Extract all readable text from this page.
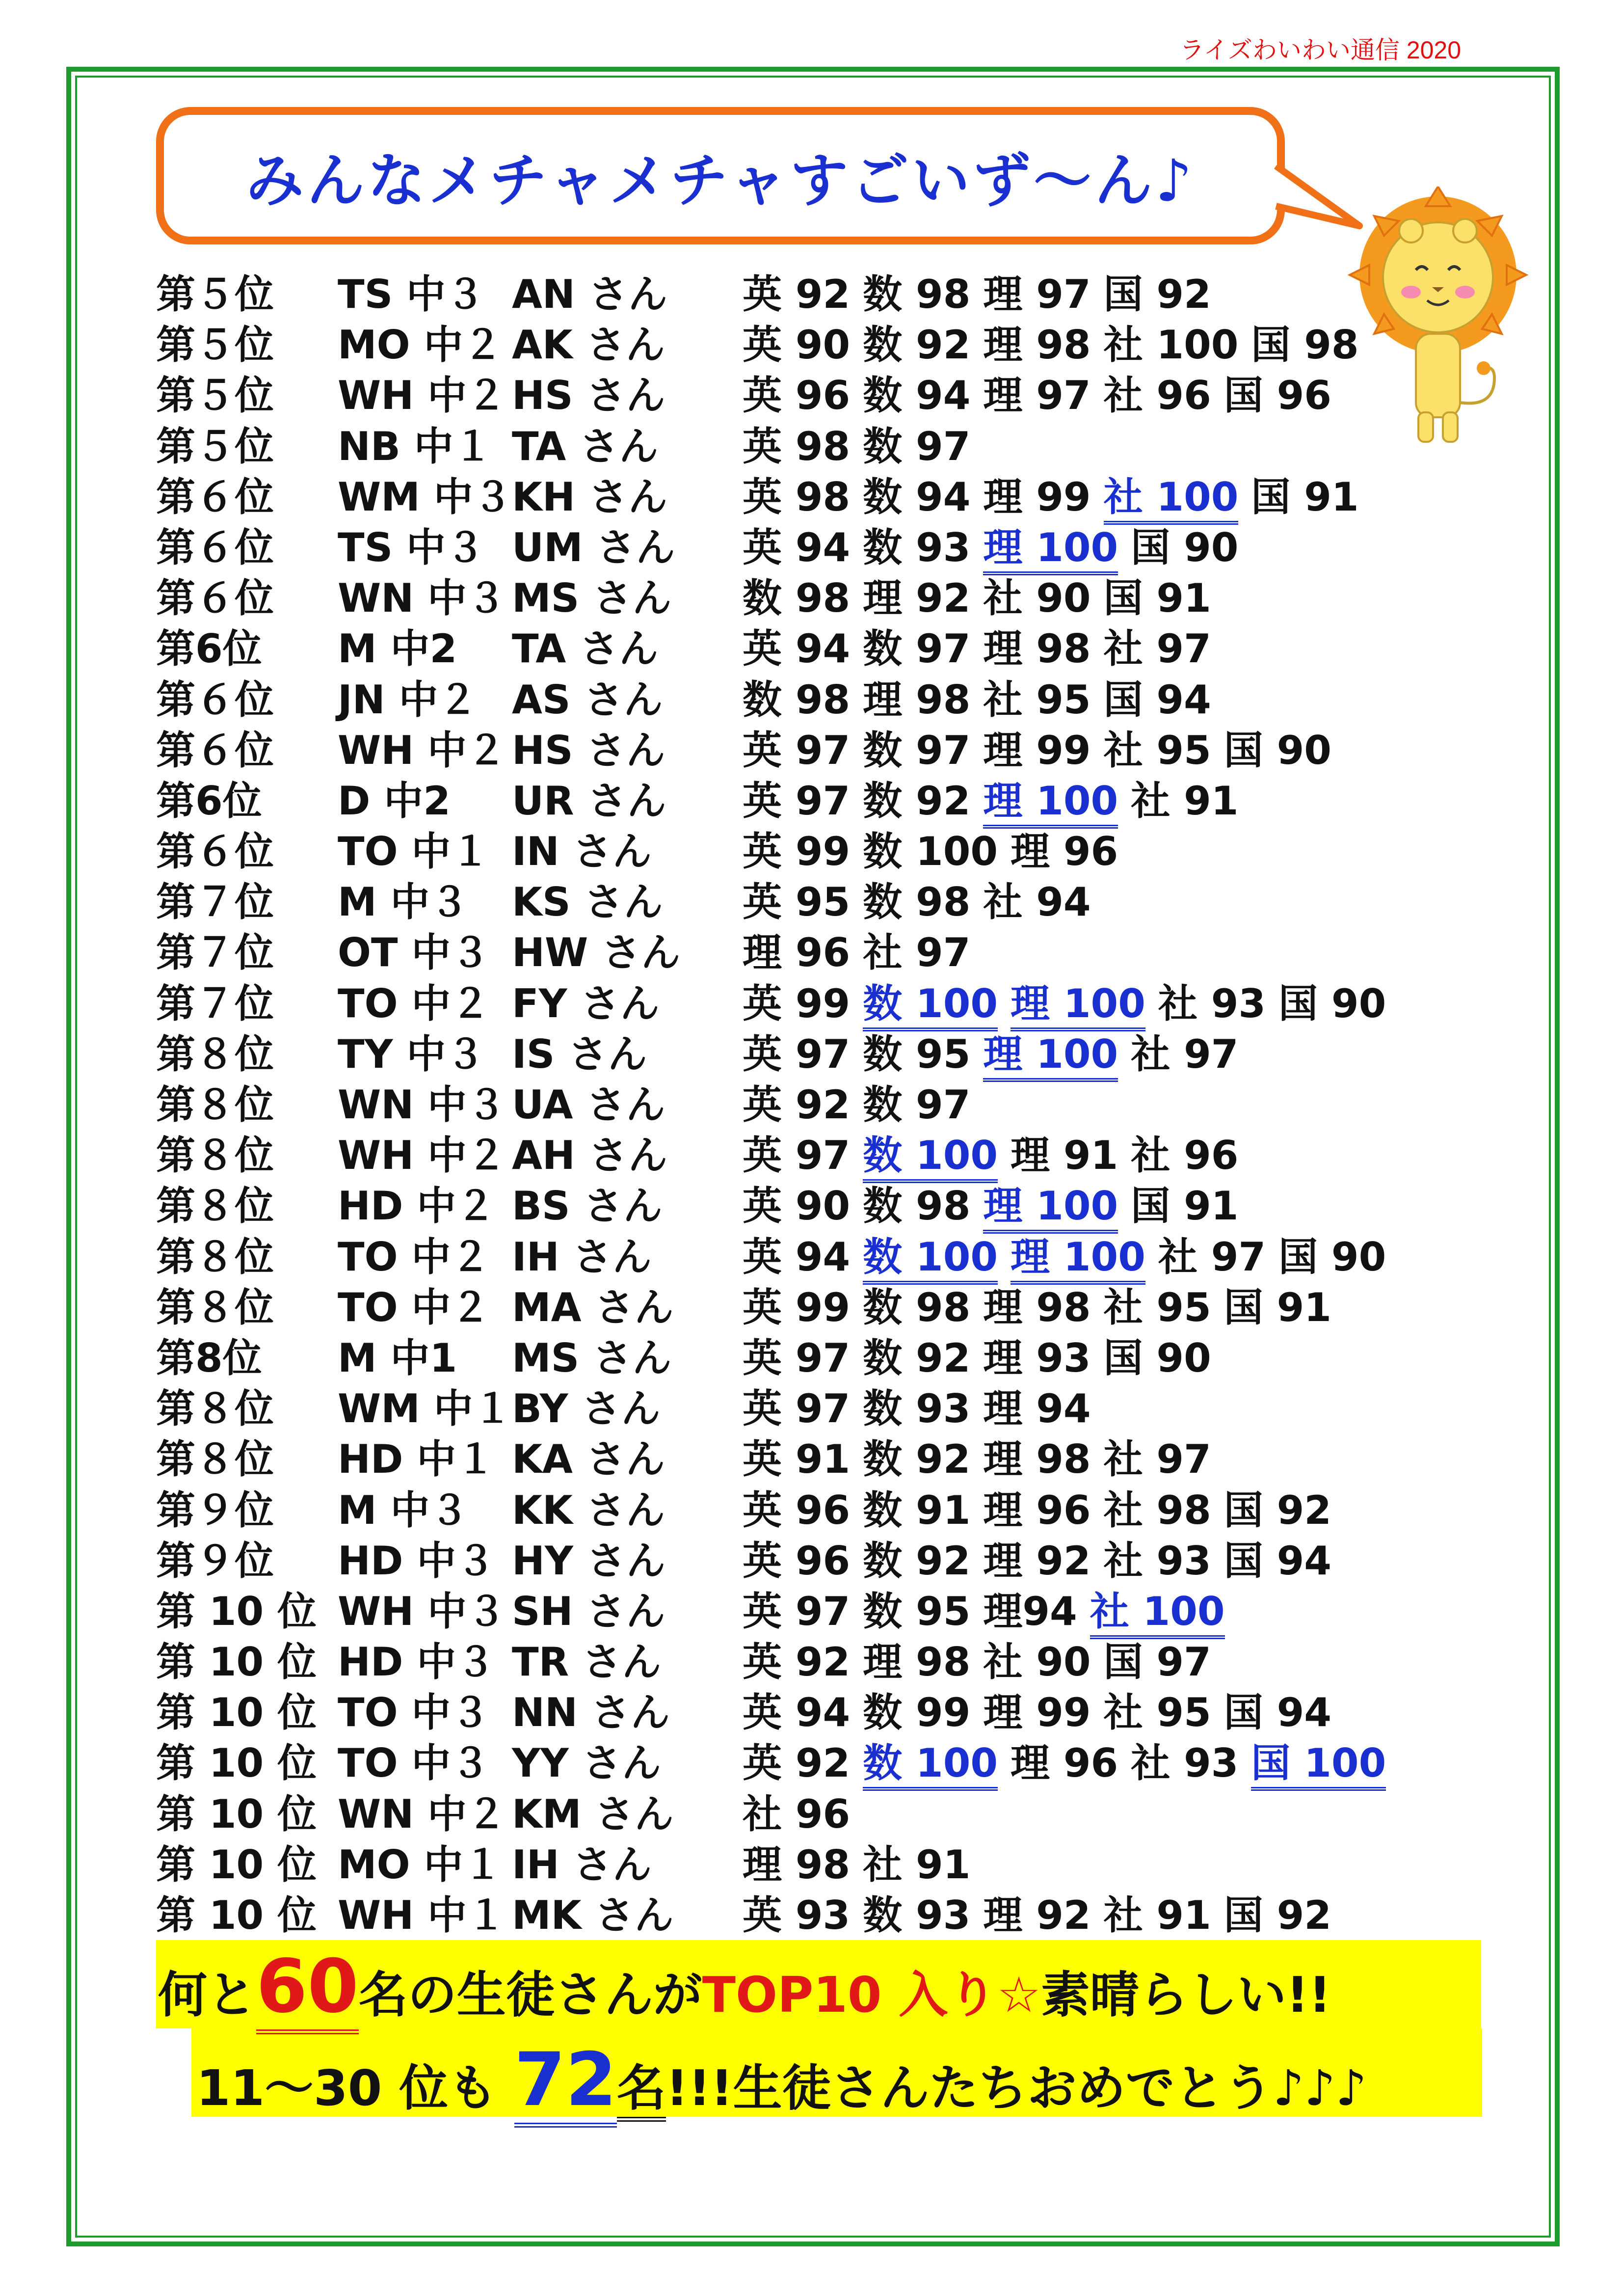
ライズわいわい通信 2020
みんなメチャメチャすごいず〜ん♪
第５位 TS 中３ AN さん 英 92 数 98 理 97 国 92
第５位 MO 中２ AK さん 英 90 数 92 理 98 社 100 国 98
第５位 WH 中２ HS さん 英 96 数 94 理 97 社 96 国 96
第５位 NB 中１ TA さん 英 98 数 97
第６位 WM 中３ KH さん 英 98 数 94 理 99 社 100 国 91
第６位 TS 中３ UM さん 英 94 数 93 理 100 国 90
第６位 WN 中３ MS さん 数 98 理 92 社 90 国 91
第6位 M 中2 TA さん 英 94 数 97 理 98 社 97
第６位 JN 中２ AS さん 数 98 理 98 社 95 国 94
第６位 WH 中２ HS さん 英 97 数 97 理 99 社 95 国 90
第6位 D 中2 UR さん 英 97 数 92 理 100 社 91
第６位 TO 中１ IN さん 英 99 数 100 理 96
第７位 M 中３ KS さん 英 95 数 98 社 94
第７位 OT 中３ HW さん 理 96 社 97
第７位 TO 中２ FY さん 英 99 数 100 理 100 社 93 国 90
第８位 TY 中３ IS さん 英 97 数 95 理 100 社 97
第８位 WN 中３ UA さん 英 92 数 97
第８位 WH 中２ AH さん 英 97 数 100 理 91 社 96
第８位 HD 中２ BS さん 英 90 数 98 理 100 国 91
第８位 TO 中２ IH さん 英 94 数 100 理 100 社 97 国 90
第８位 TO 中２ MA さん 英 99 数 98 理 98 社 95 国 91
第8位 M 中1 MS さん 英 97 数 92 理 93 国 90
第８位 WM 中１ BY さん 英 97 数 93 理 94
第８位 HD 中１ KA さん 英 91 数 92 理 98 社 97
第９位 M 中３ KK さん 英 96 数 91 理 96 社 98 国 92
第９位 HD 中３ HY さん 英 96 数 92 理 92 社 93 国 94
第 10 位 WH 中３ SH さん 英 97 数 95 理94 社 100
第 10 位 HD 中３ TR さん 英 92 理 98 社 90 国 97
第 10 位 TO 中３ NN さん 英 94 数 99 理 99 社 95 国 94
第 10 位 TO 中３ YY さん 英 92 数 100 理 96 社 93 国 100
第 10 位 WN 中２ KM さん 社 96
第 10 位 MO 中１ IH さん 理 98 社 91
第 10 位 WH 中１ MK さん 英 93 数 93 理 92 社 91 国 92
何と60名の生徒さんがTOP10 入り☆素晴らしい!!
11〜30 位も 72名!!!生徒さんたちおめでとう♪♪♪
